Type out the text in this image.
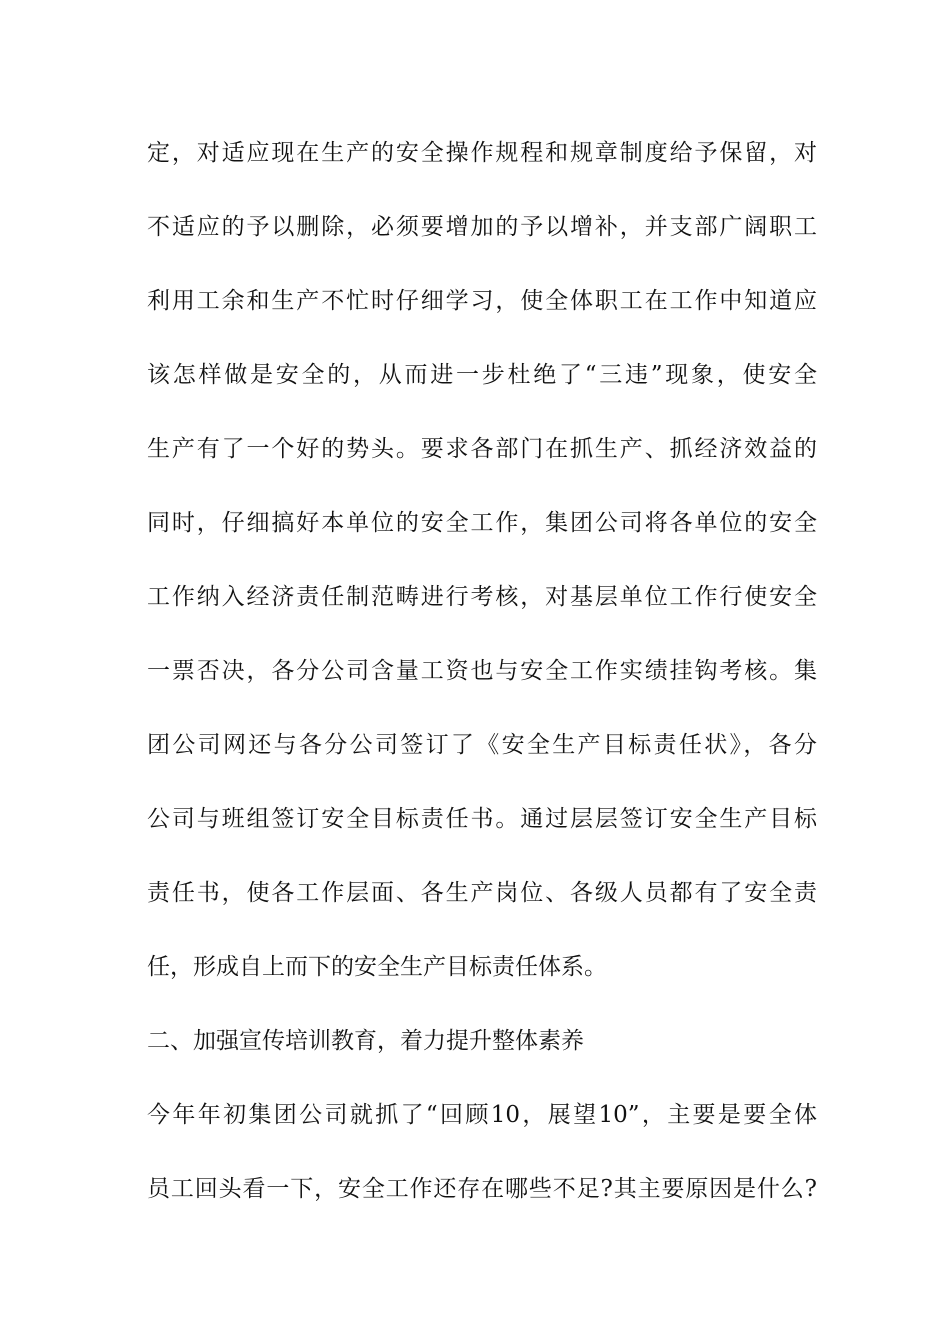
定，对适应现在生产的安全操作规程和规章制度给予保留，对
不适应的予以删除，必须要增加的予以增补，并支部广阔职工
利用工余和生产不忙时仔细学习，使全体职工在工作中知道应
该怎样做是安全的，从而进一步杜绝了“三违”现象，使安全
生产有了一个好的势头。要求各部门在抓生产、抓经济效益的
同时，仔细搞好本单位的安全工作，集团公司将各单位的安全
工作纳入经济责任制范畴进行考核，对基层单位工作行使安全
一票否决，各分公司含量工资也与安全工作实绩挂钩考核。集
团公司网还与各分公司签订了《安全生产目标责任状》，各分
公司与班组签订安全目标责任书。通过层层签订安全生产目标
责任书，使各工作层面、各生产岗位、各级人员都有了安全责
任，形成自上而下的安全生产目标责任体系。
二、加强宣传培训教育，着力提升整体素养
今年年初集团公司就抓了“回顾10，展望10”，主要是要全体
员工回头看一下，安全工作还存在哪些不足?其主要原因是什么?
